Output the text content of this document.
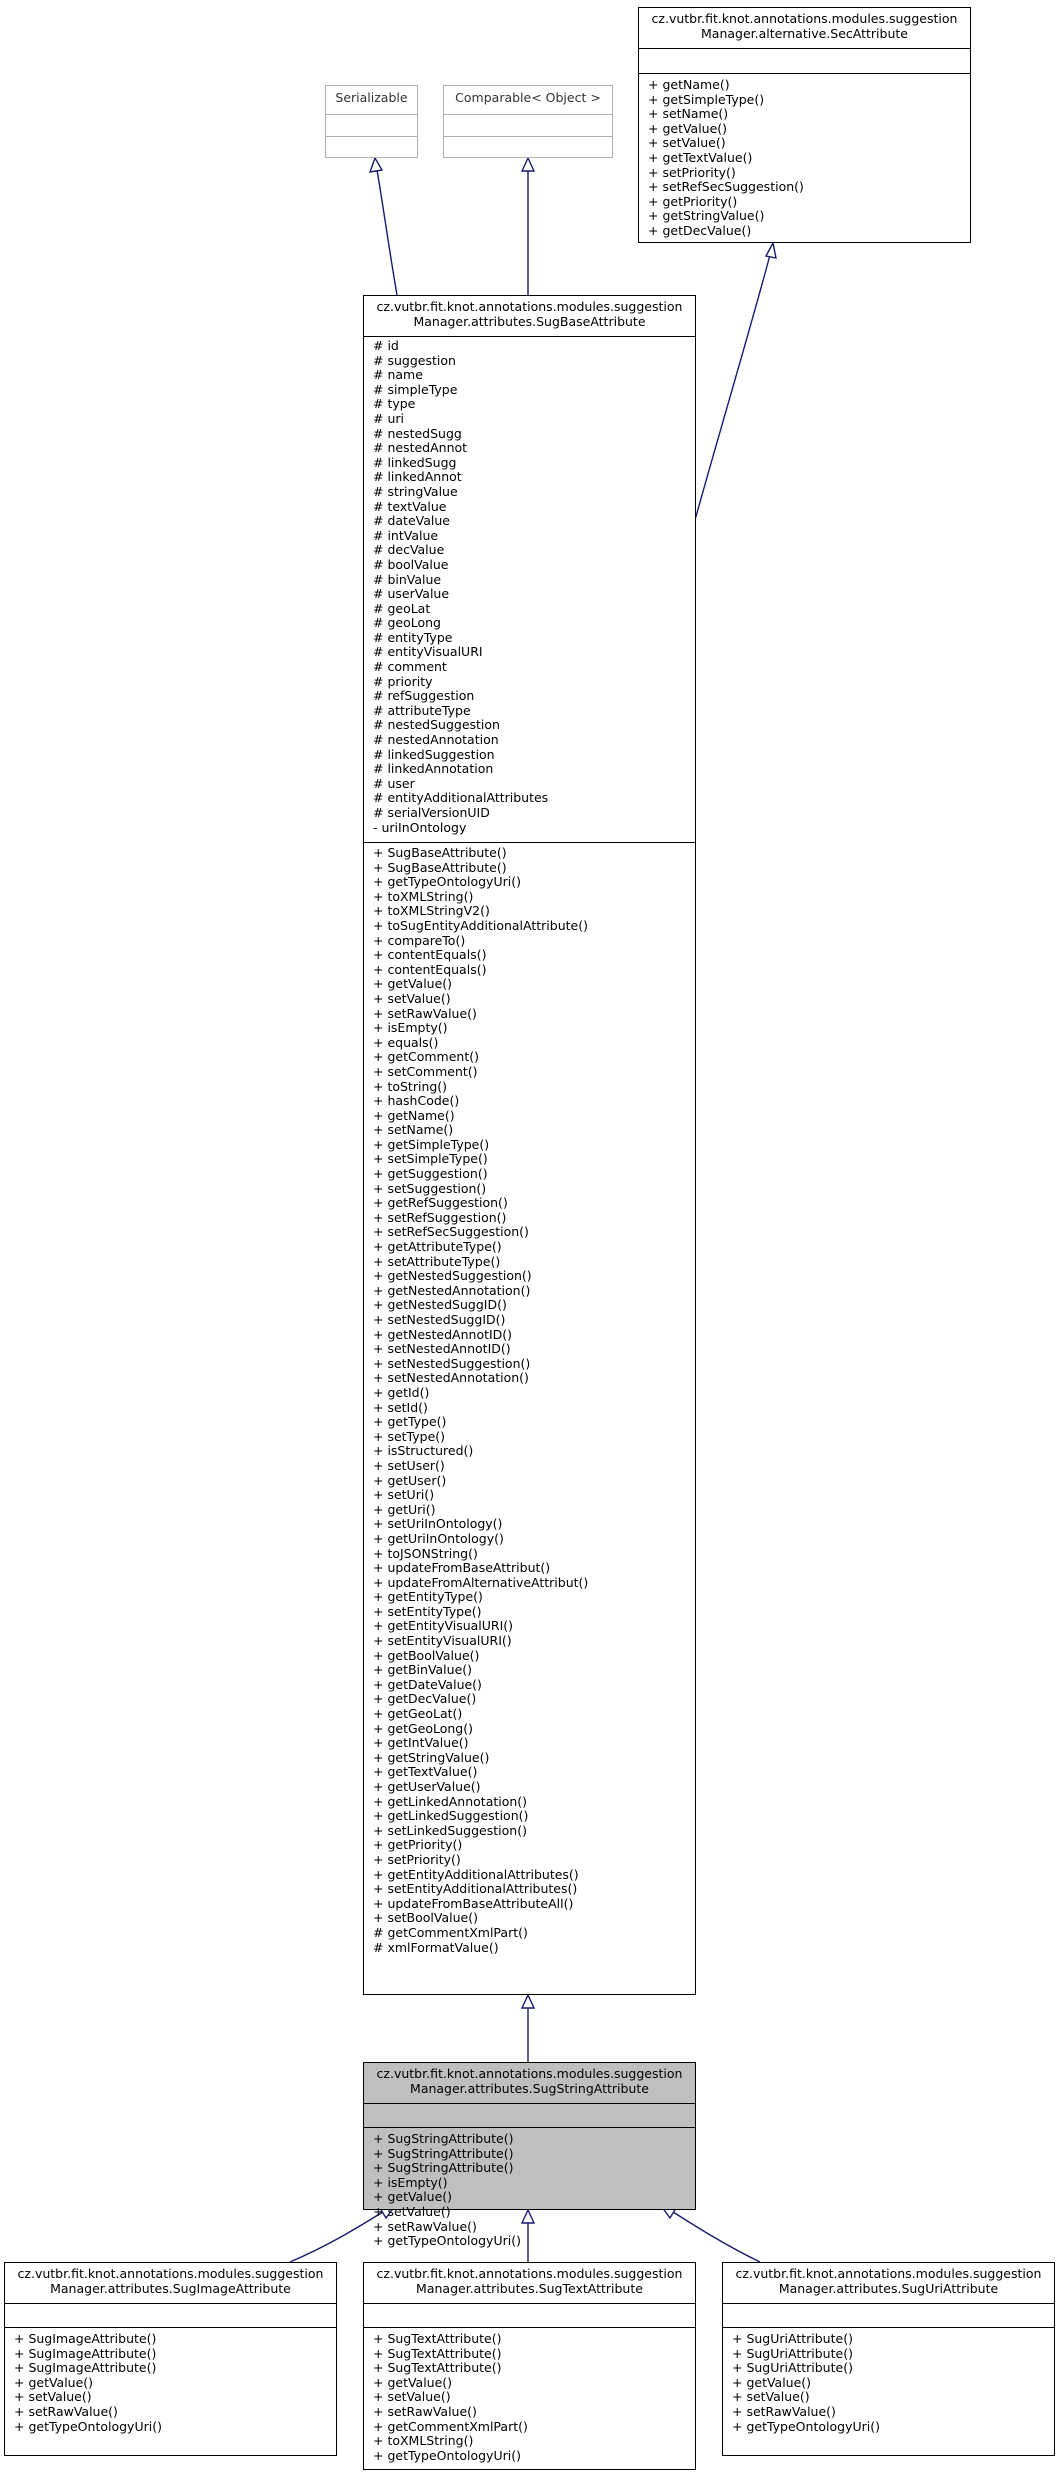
Serializable	Comparable< Object >
cz.vutbr.fit.knot.annotations.modules.suggestion
Manager.alternative.SecAttribute
+ getName()
+ getSimpleType()
+ setName()
+ getValue()
+ setValue()
+ getTextValue()
+ setPriority()
+ setRefSecSuggestion()
+ getPriority()
+ getStringValue()
+ getDecValue()
cz.vutbr.fit.knot.annotations.modules.suggestion
Manager.attributes.SugBaseAttribute
# id
# suggestion
# name
# simpleType
# type
# uri
# nestedSugg
# nestedAnnot
# linkedSugg
# linkedAnnot
# stringValue
# textValue
# dateValue
# intValue
# decValue
# boolValue
# binValue
# userValue
# geoLat
# geoLong
# entityType
# entityVisualURI
# comment
# priority
# refSuggestion
# attributeType
# nestedSuggestion
# nestedAnnotation
# linkedSuggestion
# linkedAnnotation
# user
# entityAdditionalAttributes
# serialVersionUID
- uriInOntology
+ SugBaseAttribute()
+ SugBaseAttribute()
+ getTypeOntologyUri()
+ toXMLString()
+ toXMLStringV2()
+ toSugEntityAdditionalAttribute()
+ compareTo()
+ contentEquals()
+ contentEquals()
+ getValue()
+ setValue()
+ setRawValue()
+ isEmpty()
+ equals()
+ getComment()
+ setComment()
+ toString()
+ hashCode()
+ getName()
+ setName()
+ getSimpleType()
+ setSimpleType()
+ getSuggestion()
+ setSuggestion()
+ getRefSuggestion()
+ setRefSuggestion()
+ setRefSecSuggestion()
+ getAttributeType()
+ setAttributeType()
+ getNestedSuggestion()
+ getNestedAnnotation()
+ getNestedSuggID()
+ setNestedSuggID()
+ getNestedAnnotID()
+ setNestedAnnotID()
+ setNestedSuggestion()
+ setNestedAnnotation()
+ getId()
+ setId()
+ getType()
+ setType()
+ isStructured()
+ setUser()
+ getUser()
+ setUri()
+ getUri()
+ setUriInOntology()
+ getUriInOntology()
+ toJSONString()
+ updateFromBaseAttribut()
+ updateFromAlternativeAttribut()
+ getEntityType()
+ setEntityType()
+ getEntityVisualURI()
+ setEntityVisualURI()
+ getBoolValue()
+ getBinValue()
+ getDateValue()
+ getDecValue()
+ getGeoLat()
+ getGeoLong()
+ getIntValue()
+ getStringValue()
+ getTextValue()
+ getUserValue()
+ getLinkedAnnotation()
+ getLinkedSuggestion()
+ setLinkedSuggestion()
+ getPriority()
+ setPriority()
+ getEntityAdditionalAttributes()
+ setEntityAdditionalAttributes()
+ updateFromBaseAttributeAll()
+ setBoolValue()
# getCommentXmlPart()
# xmlFormatValue()
cz.vutbr.fit.knot.annotations.modules.suggestion
Manager.attributes.SugStringAttribute
+ SugStringAttribute()
+ SugStringAttribute()
+ SugStringAttribute()
+ isEmpty()
+ getValue()
+ setValue()
+ setRawValue()
+ getTypeOntologyUri()
cz.vutbr.fit.knot.annotations.modules.suggestion
Manager.attributes.SugImageAttribute
+ SugImageAttribute()
+ SugImageAttribute()
+ SugImageAttribute()
+ getValue()
+ setValue()
+ setRawValue()
+ getTypeOntologyUri()
cz.vutbr.fit.knot.annotations.modules.suggestion
Manager.attributes.SugTextAttribute
+ SugTextAttribute()
+ SugTextAttribute()
+ SugTextAttribute()
+ getValue()
+ setValue()
+ setRawValue()
+ getCommentXmlPart()
+ toXMLString()
+ getTypeOntologyUri()
cz.vutbr.fit.knot.annotations.modules.suggestion
Manager.attributes.SugUriAttribute
+ SugUriAttribute()
+ SugUriAttribute()
+ SugUriAttribute()
+ getValue()
+ setValue()
+ setRawValue()
+ getTypeOntologyUri()
